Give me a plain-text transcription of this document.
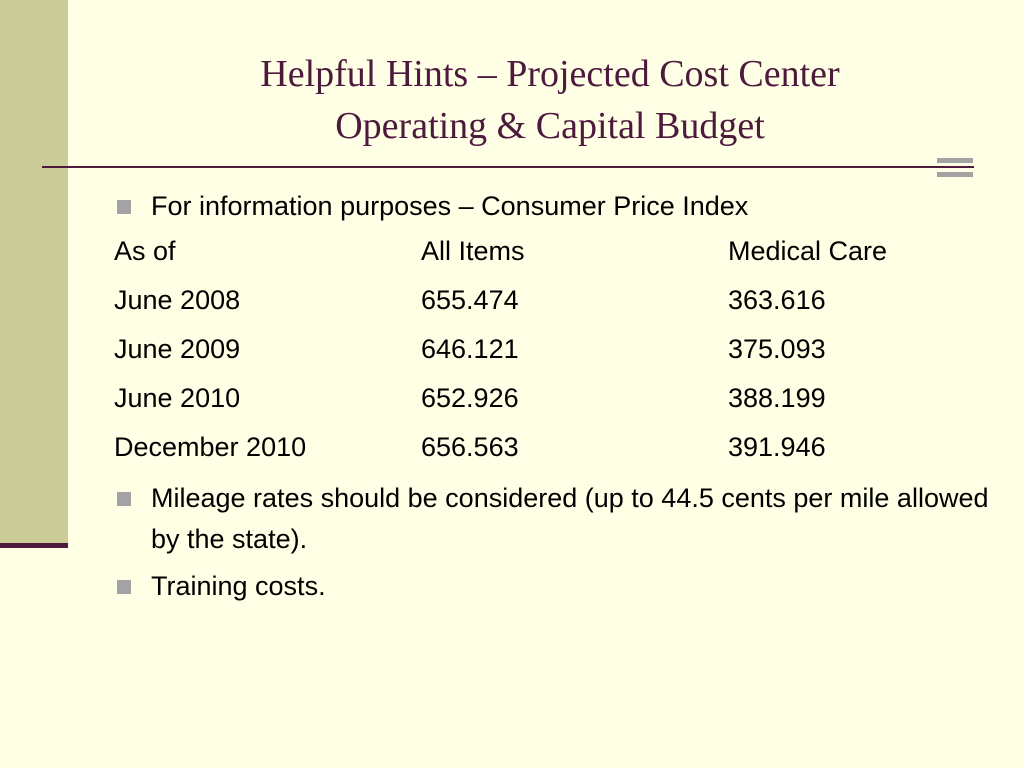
Helpful Hints – Projected Cost Center
Operating & Capital Budget
For information purposes – Consumer Price Index
As of	All Items	Medical Care
June 2008	655.474	363.616
June 2009	646.121	375.093
June 2010	652.926	388.199
December 2010	656.563	391.946
Mileage rates should be considered (up to 44.5 cents per mile allowed by the state).
Training costs.
